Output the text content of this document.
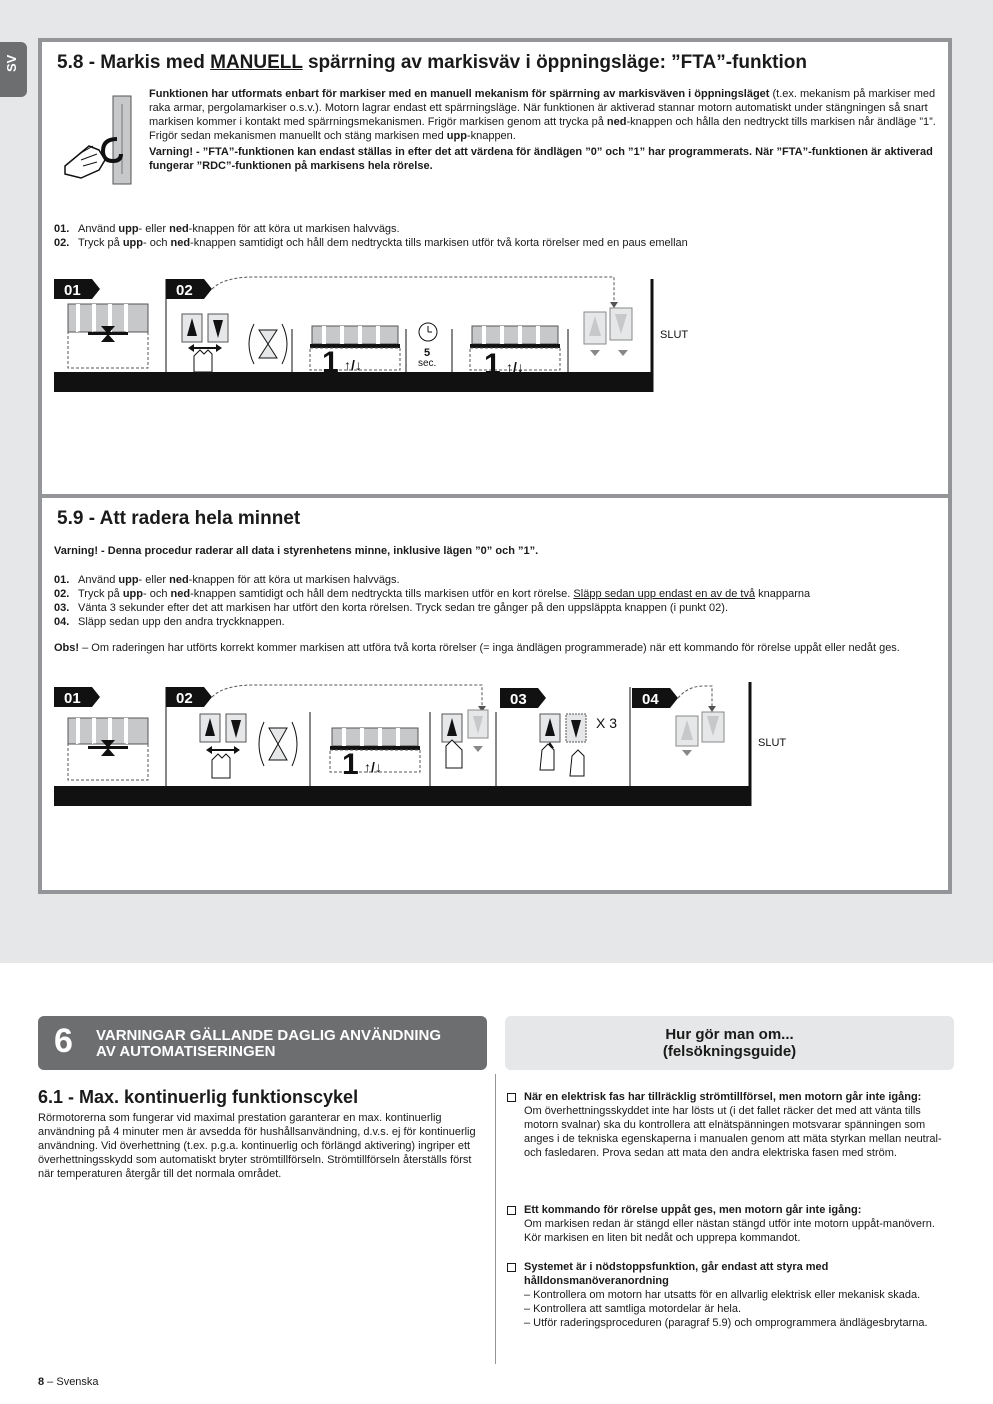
SV 5.8 - Markis med MANUELL spärrning av markisväv i öppningsläge: ”FTA”-funktion

Funktionen har utformats enbart för markiser med en manuell mekanism för spärrning av markisväven i öppningsläget (t.ex. mekanism på markiser med raka armar, pergolamarkiser o.s.v.). Motorn lagrar endast ett spärrningsläge. När funktionen är aktiverad stannar motorn automatiskt under stängningen så snart markisen kommer i kontakt med spärrningsmekanismen. Frigör markisen genom att trycka på ned-knappen och hålla den nedtryckt tills markisen når ändläge ”1”. Frigör sedan mekanismen manuellt och stäng markisen med upp-knappen.

Varning! - ”FTA”-funktionen kan endast ställas in efter det att värdena för ändlägen ”0” och ”1” har programmerats. När ”FTA”-funktionen är aktiverad fungerar ”RDC”-funktionen på markisens hela rörelse.

01. Använd upp- eller ned-knappen för att köra ut markisen halvvägs.
02. Tryck på upp- och ned-knappen samtidigt och håll dem nedtryckta tills markisen utför två korta rörelser med en paus emellan
01	02
1 ↑/↓
5
sec. 1 ↑/↓
SLUT
5.9 - Att radera hela minnet
Varning! - Denna procedur raderar all data i styrenhetens minne, inklusive lägen ”0” och ”1”.
01. Använd upp- eller ned-knappen för att köra ut markisen halvvägs.
02. Tryck på upp- och ned-knappen samtidigt och håll dem nedtryckta tills markisen utför en kort rörelse. Släpp sedan upp endast en av de två knapparna
03. Vänta 3 sekunder efter det att markisen har utfört den korta rörelsen. Tryck sedan tre gånger på den uppsläppta knappen (i punkt 02).
04. Släpp sedan upp den andra tryckknappen.
Obs! – Om raderingen har utförts korrekt kommer markisen att utföra två korta rörelser (= inga ändlägen programmerade) när ett kommando för rörelse uppåt eller nedåt ges.
01	02
1 ↑/↓
03
X 3
04
SLUT
6 VARNINGAR GÄLLANDE DAGLIG ANVÄNDNING
AV AUTOMATISERINGEN
Hur gör man om...
(felsökningsguide)
6.1 - Max. kontinuerlig funktionscykel
Rörmotorerna som fungerar vid maximal prestation garanterar en max. kontinuerlig användning på 4 minuter men är avsedda för hushållsanvändning, d.v.s. ej för kontinuerlig användning. Vid överhettning (t.ex. p.g.a. kontinuerlig och förlängd aktivering) ingriper ett överhettningsskydd som automatiskt bryter strömtillförseln. Strömtillförseln återställs först när temperaturen återgår till det normala området.
När en elektrisk fas har tillräcklig strömtillförsel, men motorn går inte igång:
Om överhettningsskyddet inte har lösts ut (i det fallet räcker det med att vänta tills motorn svalnar) ska du kontrollera att elnätspänningen motsvarar spänningen som anges i de tekniska egenskaperna i manualen genom att mäta styrkan mellan neutral- och fasledaren. Prova sedan att mata den andra elektriska fasen med ström.
Ett kommando för rörelse uppåt ges, men motorn går inte igång:
Om markisen redan är stängd eller nästan stängd utför inte motorn uppåt-manövern. Kör markisen en liten bit nedåt och upprepa kommandot.
Systemet är i nödstoppsfunktion, går endast att styra med hålldonsmanöveranordning
– Kontrollera om motorn har utsatts för en allvarlig elektrisk eller mekanisk skada.
– Kontrollera att samtliga motordelar är hela.
– Utför raderingsproceduren (paragraf 5.9) och omprogrammera ändlägesbrytarna.
8 – Svenska
